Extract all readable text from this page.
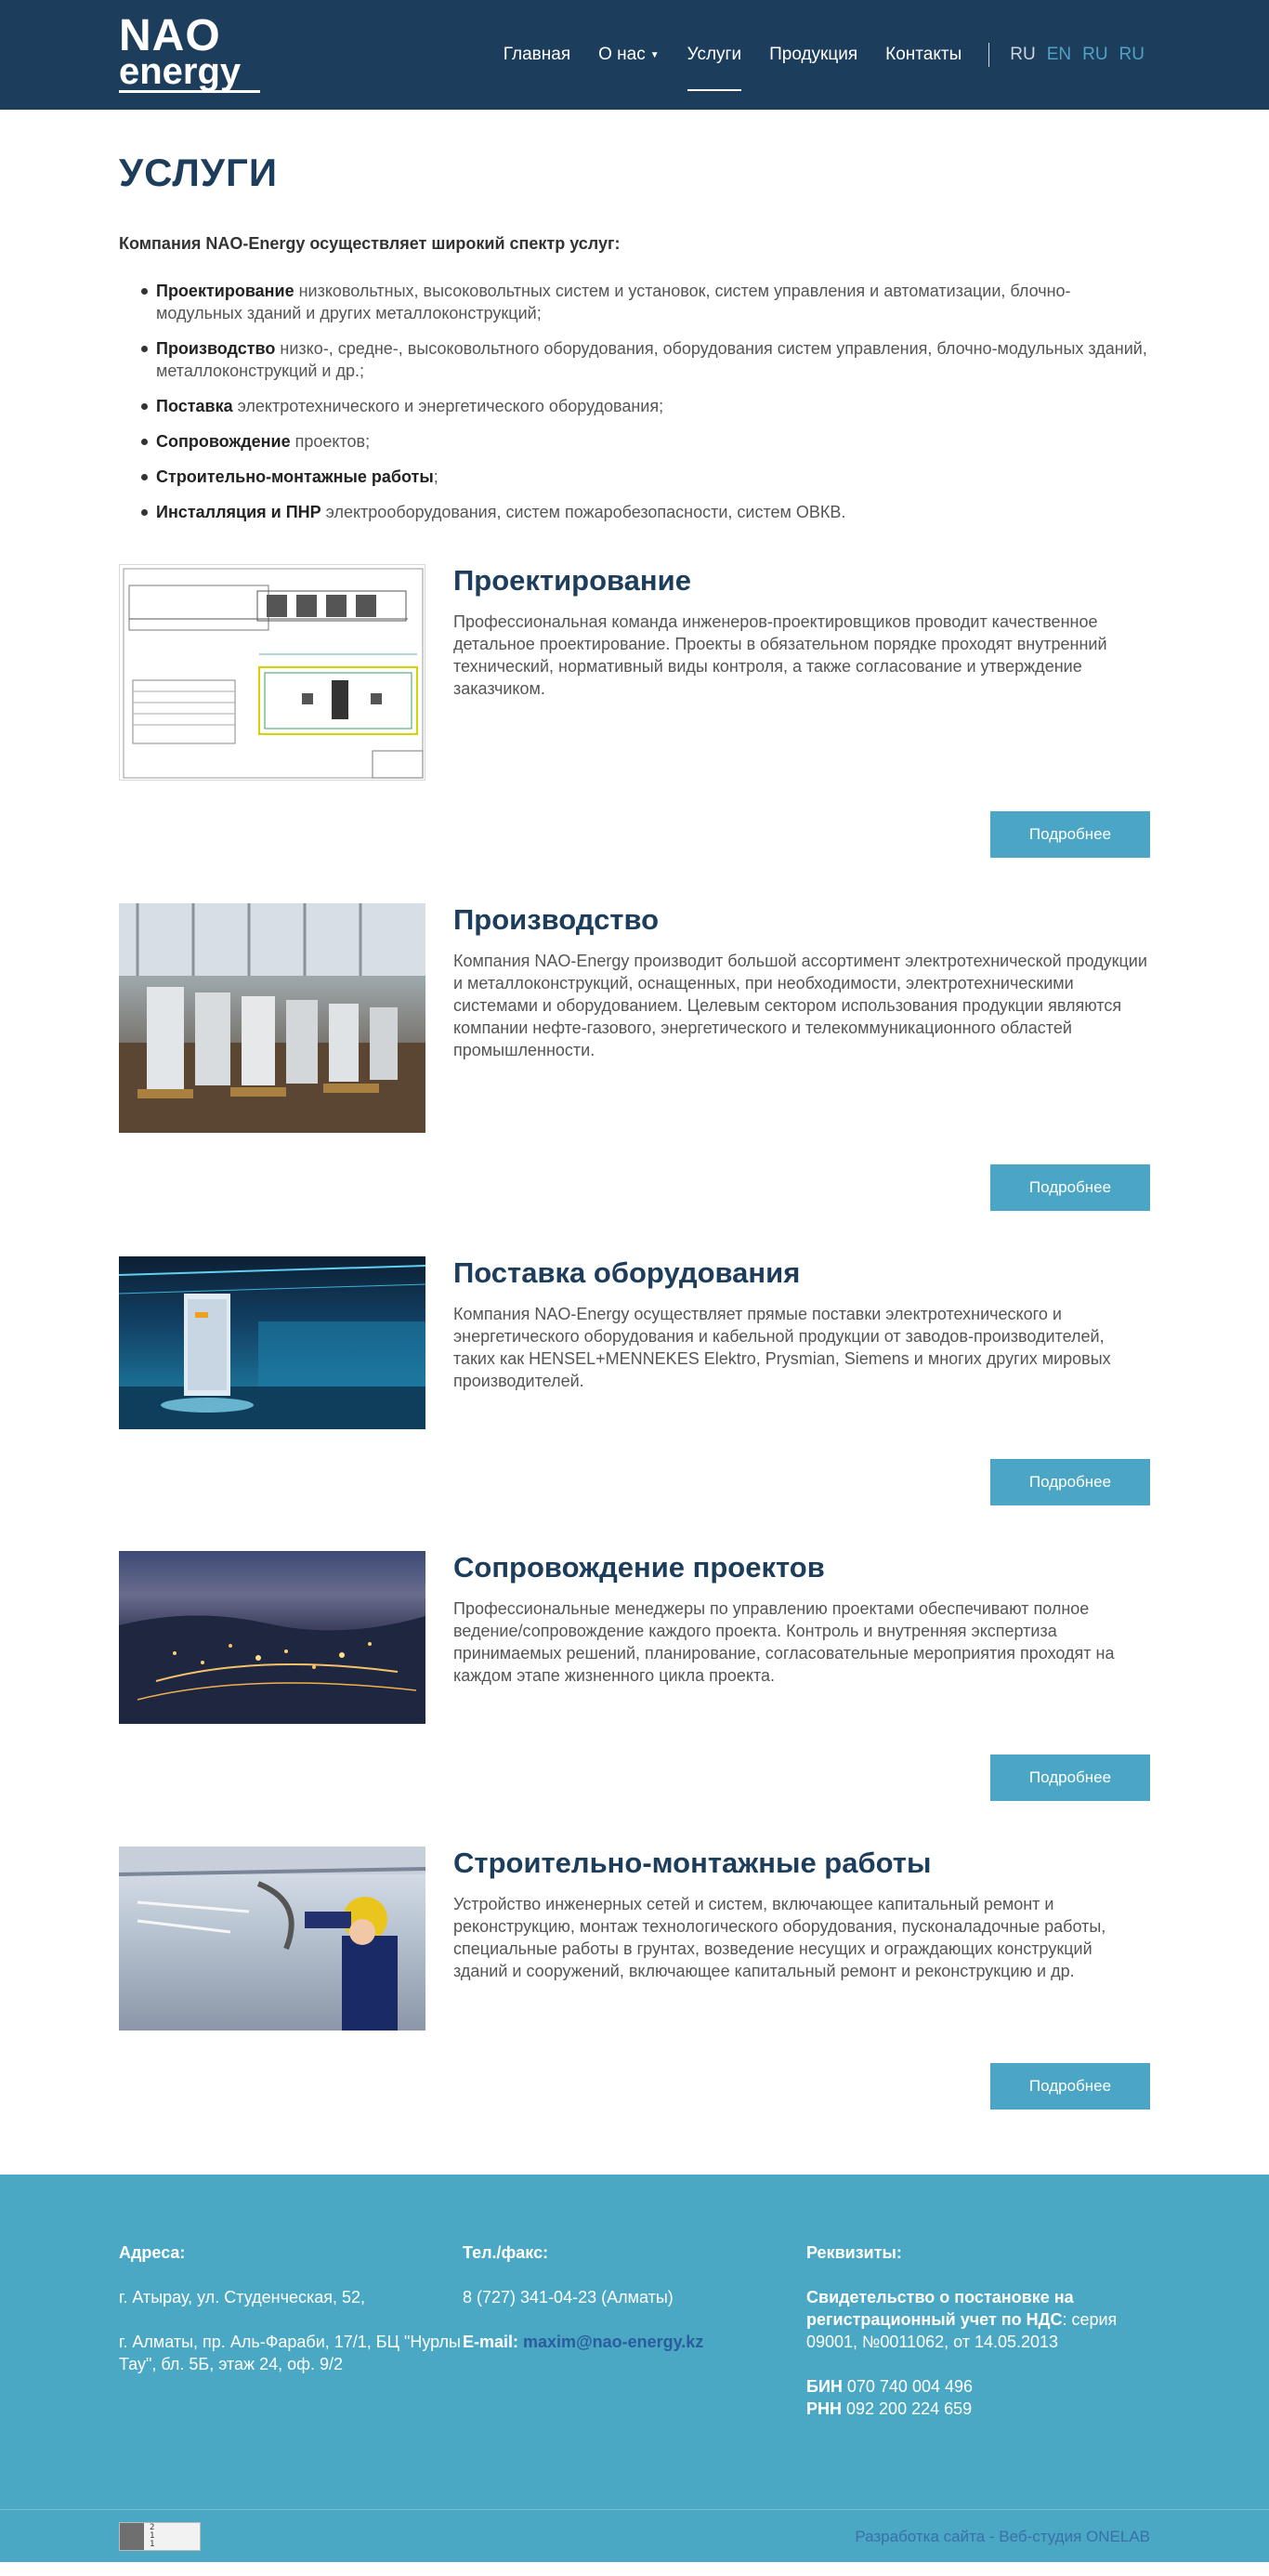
NAO
energy	Главная О нас ▼ Услуги Продукция Контакты	RU EN RU RU
УСЛУГИ

Компания NAO-Energy осуществляет широкий спектр услуг:

Проектирование низковольтных, высоковольтных систем и установок, систем управления и автоматизации, блочно-модульных зданий и других металлоконструкций;
Производство низко-, средне-, высоковольтного оборудования, оборудования систем управления, блочно-модульных зданий, металлоконструкций и др.;
Поставка электротехнического и энергетического оборудования;
Сопровождение проектов;
Строительно-монтажные работы;
Инсталляция и ПНР электрооборудования, систем пожаробезопасности, систем ОВКВ.
Проектирование

Профессиональная команда инженеров-проектировщиков проводит качественное детальное проектирование. Проекты в обязательном порядке проходят внутренний технический, нормативный виды контроля, а также согласование и утверждение заказчиком.

Подробнее
Производство

Компания NAO-Energy производит большой ассортимент электротехнической продукции и металлоконструкций, оснащенных, при необходимости, электротехническими системами и оборудованием. Целевым сектором использования продукции являются компании нефте-газового, энергетического и телекоммуникационного областей промышленности.

Подробнее
Поставка оборудования

Компания NAO-Energy осуществляет прямые поставки электротехнического и энергетического оборудования и кабельной продукции от заводов-производителей, таких как HENSEL+MENNEKES Elektro, Prysmian, Siemens и многих других мировых производителей.

Подробнее
Сопровождение проектов

Профессиональные менеджеры по управлению проектами обеспечивают полное ведение/сопровождение каждого проекта. Контроль и внутренняя экспертиза принимаемых решений, планирование, согласовательные мероприятия проходят на каждом этапе жизненного цикла проекта.

Подробнее
Строительно-монтажные работы

Устройство инженерных сетей и систем, включающее капитальный ремонт и реконструкцию, монтаж технологического оборудования, пусконаладочные работы, специальные работы в грунтах, возведение несущих и ограждающих конструкций зданий и сооружений, включающее капитальный ремонт и реконструкцию и др.

Подробнее
Адреса:

г. Атырау, ул. Студенческая, 52,

г. Алматы, пр. Аль-Фараби, 17/1, БЦ "Нурлы Тау", бл. 5Б, этаж 24, оф. 9/2

Тел./факс:

8 (727) 341-04-23 (Алматы)

E-mail: maxim@nao-energy.kz

Реквизиты:

Свидетельство о постановке на регистрационный учет по НДС: серия 09001, №0011062, от 14.05.2013

БИН 070 740 004 496
РНН 092 200 224 659
2
1
1	Разработка сайта - Веб-студия ONELAB
